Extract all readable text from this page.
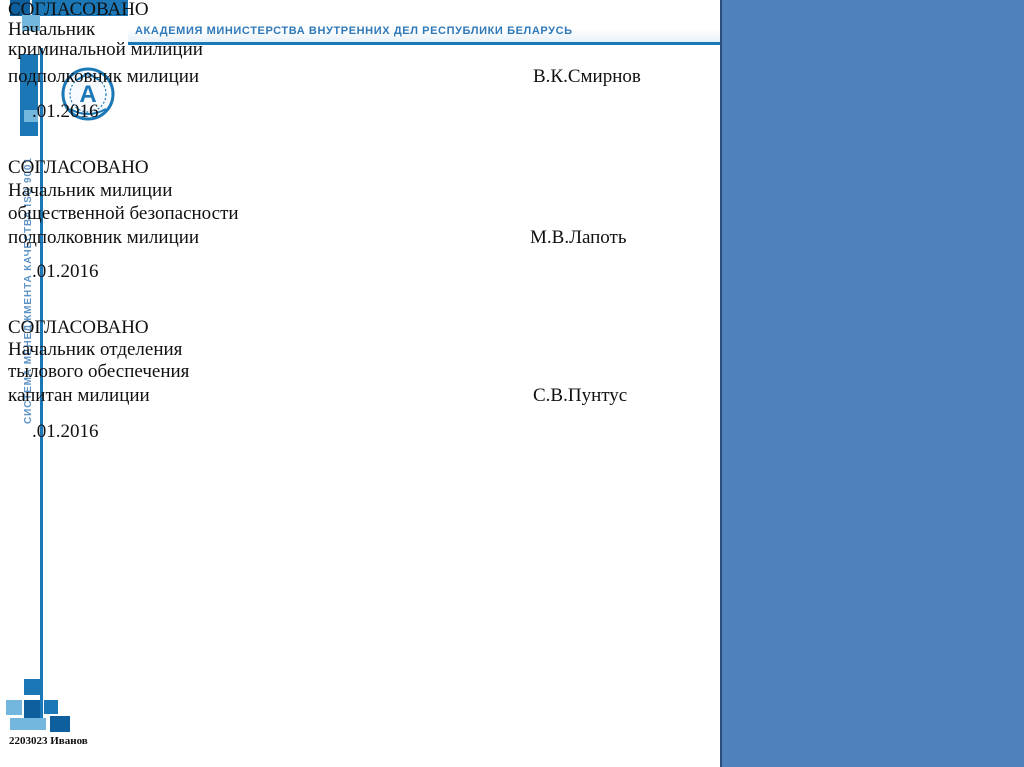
АКАДЕМИЯ МИНИСТЕРСТВА ВНУТРЕННИХ ДЕЛ РЕСПУБЛИКИ БЕЛАРУСЬ
А
СИСТЕМА МЕНЕДЖМЕНТА КАЧЕСТВА ISO 9001
СОГЛАСОВАНО
Начальник
криминальной милиции
подполковник милиции	В.К.Смирнов
.01.2016
СОГЛАСОВАНО
Начальник милиции
общественной безопасности
подполковник милиции	М.В.Лапоть
.01.2016
СОГЛАСОВАНО
Начальник отделения
тылового обеспечения
капитан милиции	С.В.Пунтус
.01.2016
2203023 Иванов
